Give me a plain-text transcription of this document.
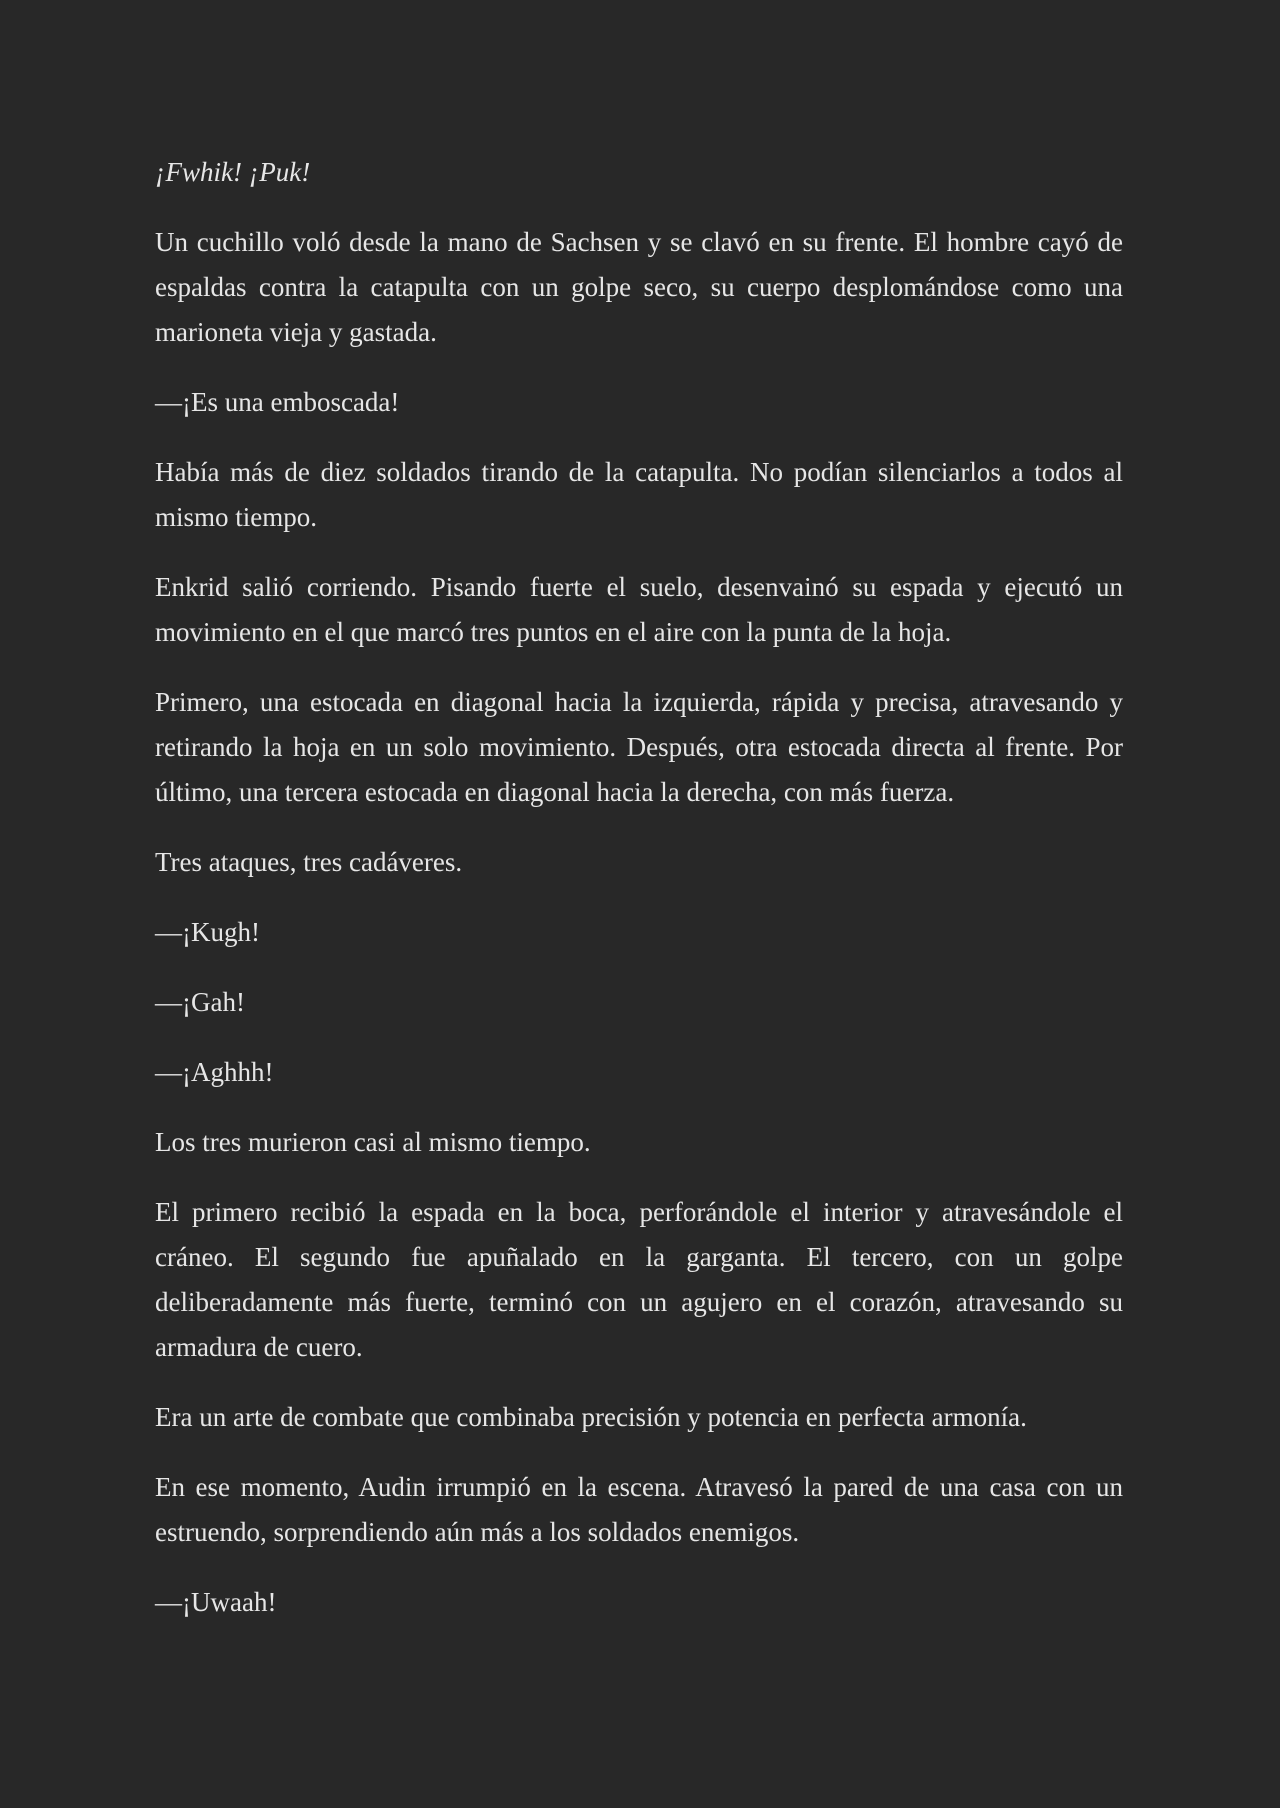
¡Fwhik! ¡Puk!

Un cuchillo voló desde la mano de Sachsen y se clavó en su frente. El hombre cayó de espaldas contra la catapulta con un golpe seco, su cuerpo desplomándose como una marioneta vieja y gastada.

—¡Es una emboscada!

Había más de diez soldados tirando de la catapulta. No podían silenciarlos a todos al mismo tiempo.

Enkrid salió corriendo. Pisando fuerte el suelo, desenvainó su espada y ejecutó un movimiento en el que marcó tres puntos en el aire con la punta de la hoja.

Primero, una estocada en diagonal hacia la izquierda, rápida y precisa, atravesando y retirando la hoja en un solo movimiento. Después, otra estocada directa al frente. Por último, una tercera estocada en diagonal hacia la derecha, con más fuerza.

Tres ataques, tres cadáveres.

—¡Kugh!

—¡Gah!

—¡Aghhh!

Los tres murieron casi al mismo tiempo.

El primero recibió la espada en la boca, perforándole el interior y atravesándole el cráneo. El segundo fue apuñalado en la garganta. El tercero, con un golpe deliberadamente más fuerte, terminó con un agujero en el corazón, atravesando su armadura de cuero.

Era un arte de combate que combinaba precisión y potencia en perfecta armonía.

En ese momento, Audin irrumpió en la escena. Atravesó la pared de una casa con un estruendo, sorprendiendo aún más a los soldados enemigos.

—¡Uwaah!
